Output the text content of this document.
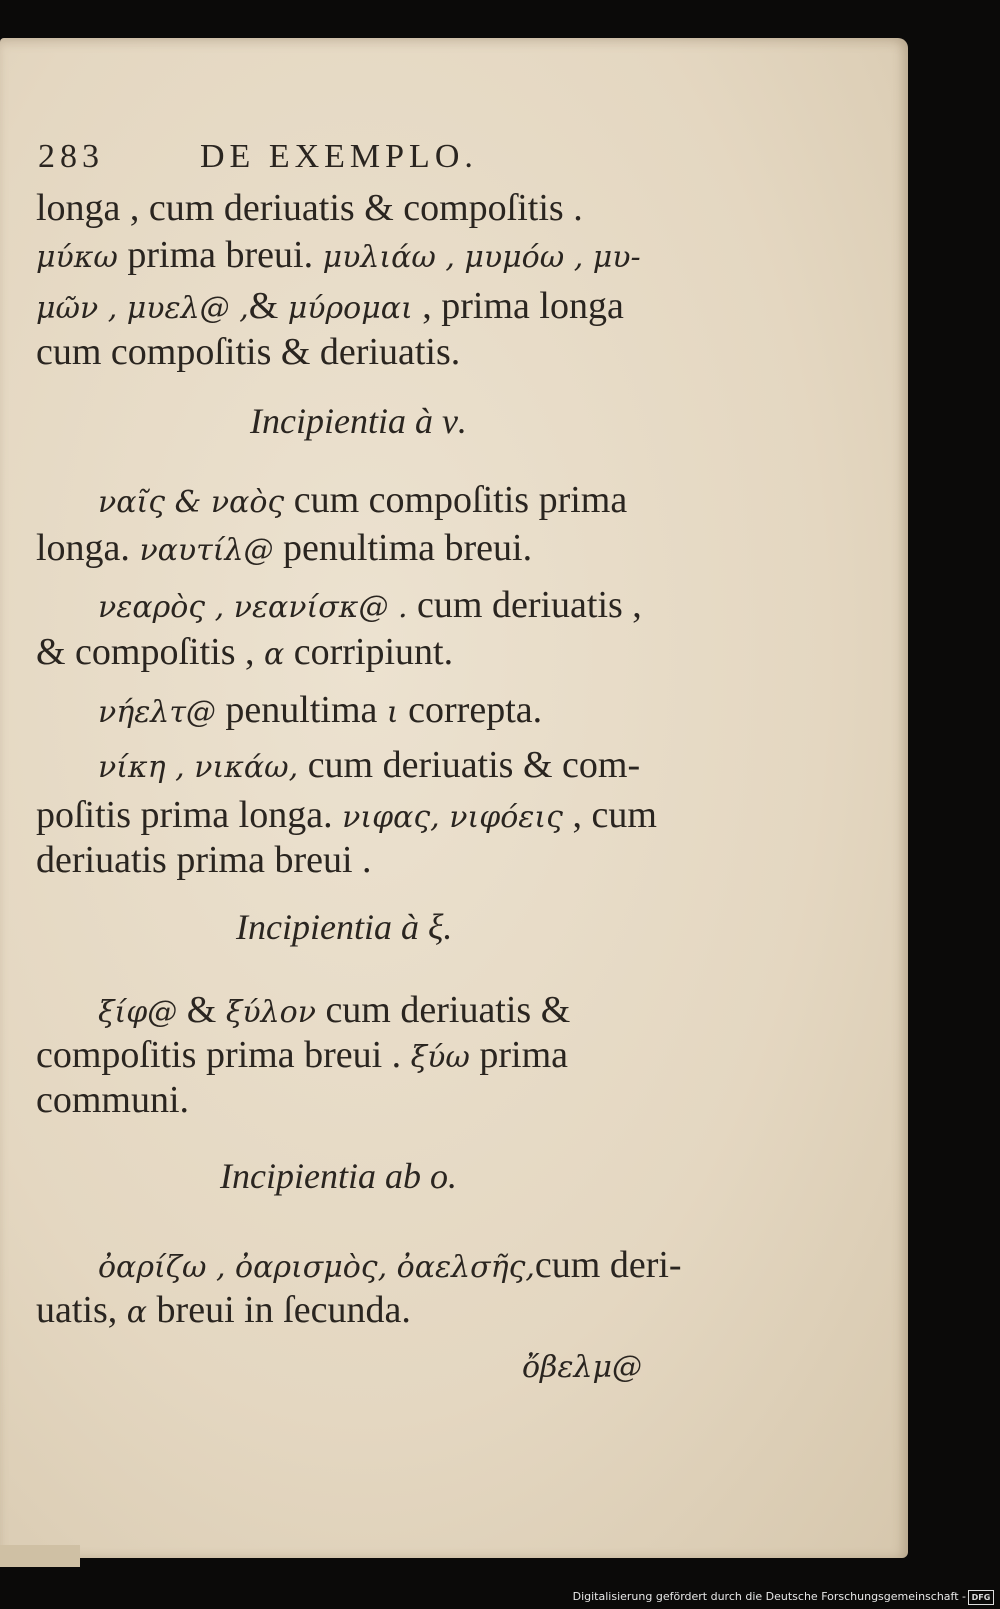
283	DE EXEMPLO.
longa , cum deriuatis & compoſitis .
μύκω prima breui. μυλιάω , μυμόω , μυ-
μῶν , μυελ@ ,& μύρομαι , prima longa
cum compoſitis & deriuatis.
Incipientia à ν.
ναῖς & ναὸς cum compoſitis prima
longa. ναυτίλ@ penultima breui.
νεαρὸς , νεανίσκ@ . cum deriuatis ,
& compoſitis , α corripiunt.
νήελτ@ penultima ι correpta.
νίκη , νικάω, cum deriuatis & com-
poſitis prima longa. νιφας, νιφόεις , cum
deriuatis prima breui .
Incipientia à ξ.
ξίφ@ & ξύλον cum deriuatis &
compoſitis prima breui . ξύω prima
communi.
Incipientia ab ο.
ὀαρίζω , ὀαρισμὸς, ὀαελσῆς,cum deri-
uatis, α breui in ſecunda.
ὄβελμ@
Digitalisierung gefördert durch die Deutsche Forschungsgemeinschaft - DFG
